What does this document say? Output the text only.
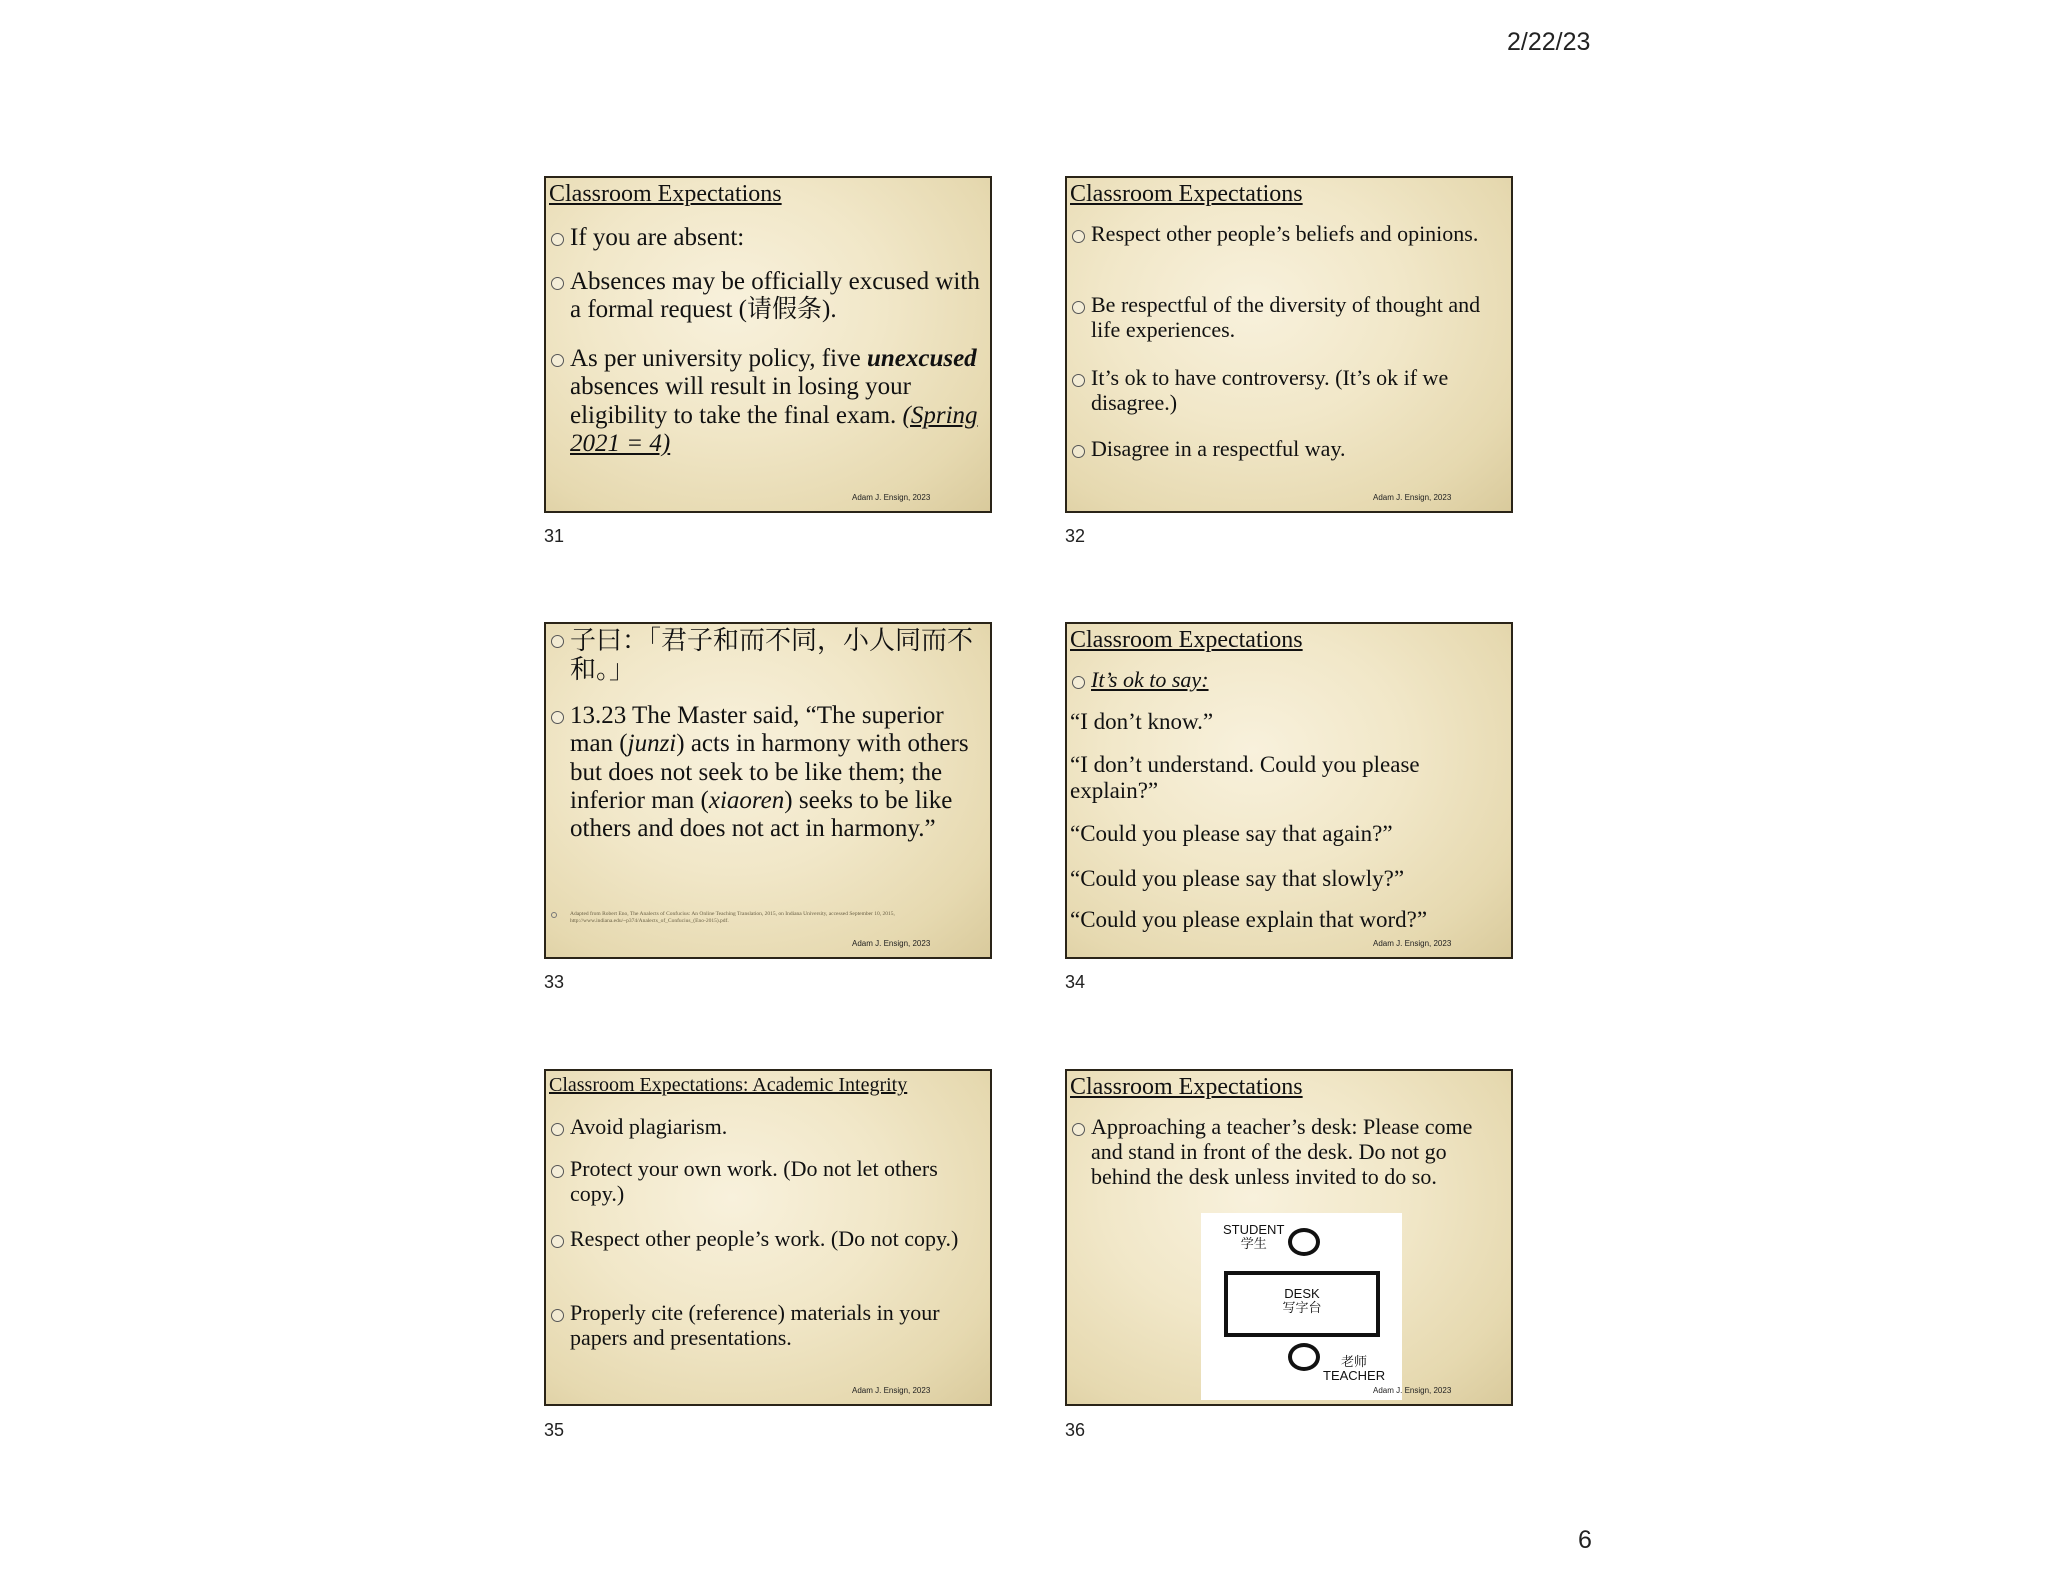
2/22/23
Classroom Expectations
If you are absent:
Absences may be officially excused with a formal request (请假条).
As per university policy, five unexcused absences will result in losing your eligibility to take the final exam. (Spring 2021 = 4)
Adam J. Ensign, 2023
31
Classroom Expectations
Respect other people’s beliefs and opinions.
Be respectful of the diversity of thought and life experiences.
It’s ok to have controversy. (It’s ok if we disagree.)
Disagree in a respectful way.
Adam J. Ensign, 2023
32
子曰：「君子和而不同，小人同而不和。」
13.23 The Master said, “The superior man (junzi) acts in harmony with others but does not seek to be like them; the inferior man (xiaoren) seeks to be like others and does not act in harmony.”
Adapted from Robert Eno, The Analects of Confucius: An Online Teaching Translation, 2015, on Indiana University, accessed September 10, 2015, http://www.indiana.edu/~p374/Analects_of_Confucius_(Eno-2015).pdf.
Adam J. Ensign, 2023
33
Classroom Expectations
It’s ok to say:
“I don’t know.”
“I don’t understand. Could you please explain?”
“Could you please say that again?”
“Could you please say that slowly?”
“Could you please explain that word?”
Adam J. Ensign, 2023
34
Classroom Expectations: Academic Integrity
Avoid plagiarism.
Protect your own work. (Do not let others copy.)
Respect other people’s work. (Do not copy.)
Properly cite (reference) materials in your papers and presentations.
Adam J. Ensign, 2023
35
Classroom Expectations
Approaching a teacher’s desk: Please come and stand in front of the desk. Do not go behind the desk unless invited to do so.
STUDENT
学生
DESK
写字台
老师
TEACHER
Adam J. Ensign, 2023
36
6
